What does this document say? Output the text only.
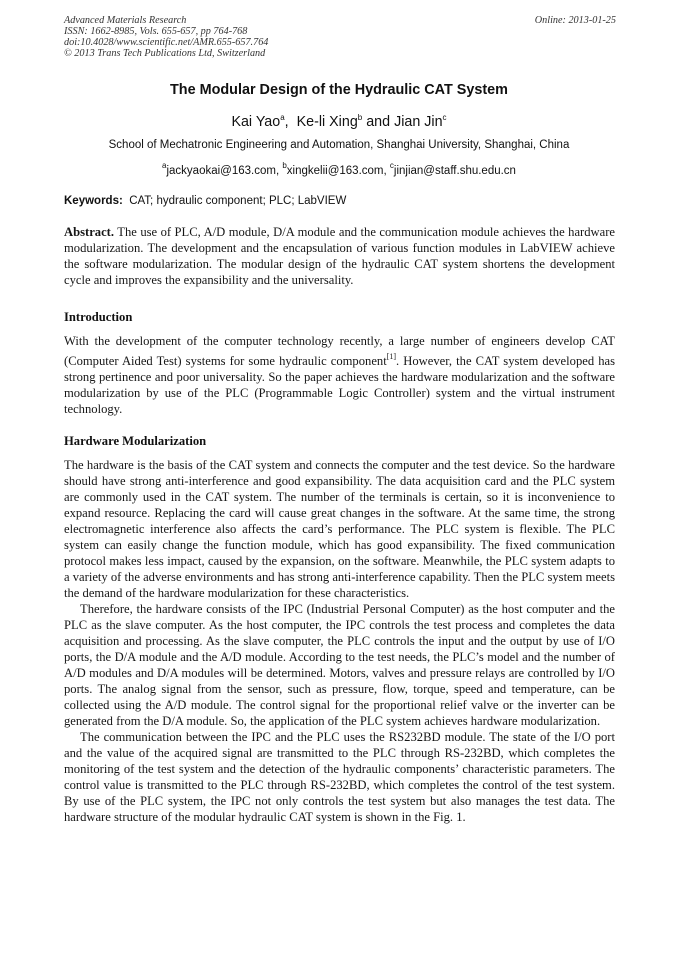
Advanced Materials Research
ISSN: 1662-8985, Vols. 655-657, pp 764-768
doi:10.4028/www.scientific.net/AMR.655-657.764
© 2013 Trans Tech Publications Ltd, Switzerland
Online: 2013-01-25
The Modular Design of the Hydraulic CAT System
Kai Yao$^a$,  Ke-li Xing$^b$ and Jian Jin$^c$
School of Mechatronic Engineering and Automation, Shanghai University, Shanghai, China
$^a$jackyaokai@163.com, $^b$xingkelii@163.com, $^c$jinjian@staff.shu.edu.cn
Keywords: CAT; hydraulic component; PLC; LabVIEW

Abstract. The use of PLC, A/D module, D/A module and the communication module achieves the hardware modularization. The development and the encapsulation of various function modules in LabVIEW achieve the software modularization. The modular design of the hydraulic CAT system shortens the development cycle and improves the expansibility and the universality.

Introduction

With the development of the computer technology recently, a large number of engineers develop CAT (Computer Aided Test) systems for some hydraulic component[1]. However, the CAT system developed has strong pertinence and poor universality. So the paper achieves the hardware modularization and the software modularization by use of the PLC (Programmable Logic Controller) system and the virtual instrument technology.

Hardware Modularization

The hardware is the basis of the CAT system and connects the computer and the test device. So the hardware should have strong anti-interference and good expansibility. The data acquisition card and the PLC system are commonly used in the CAT system. The number of the terminals is certain, so it is inconvenience to expand resource. Replacing the card will cause great changes in the software. At the same time, the strong electromagnetic interference also affects the card’s performance. The PLC system is flexible. The PLC system can easily change the function module, which has good expansibility. The fixed communication protocol makes less impact, caused by the expansion, on the software. Meanwhile, the PLC system adapts to a variety of the adverse environments and has strong anti-interference capability. Then the PLC system meets the demand of the hardware modularization for these characteristics.

Therefore, the hardware consists of the IPC (Industrial Personal Computer) as the host computer and the PLC as the slave computer. As the host computer, the IPC controls the test process and completes the data acquisition and processing. As the slave computer, the PLC controls the input and the output by use of I/O ports, the D/A module and the A/D module. According to the test needs, the PLC’s model and the number of A/D modules and D/A modules will be determined. Motors, valves and pressure relays are controlled by I/O ports. The analog signal from the sensor, such as pressure, flow, torque, speed and temperature, can be collected using the A/D module. The control signal for the proportional relief valve or the inverter can be generated from the D/A module. So, the application of the PLC system achieves hardware modularization.

The communication between the IPC and the PLC uses the RS232BD module. The state of the I/O port and the value of the acquired signal are transmitted to the PLC through RS-232BD, which completes the monitoring of the test system and the detection of the hydraulic components’ characteristic parameters. The control value is transmitted to the PLC through RS-232BD, which completes the control of the test system. By use of the PLC system, the IPC not only controls the test system but also manages the test data. The hardware structure of the modular hydraulic CAT system is shown in the Fig. 1.
